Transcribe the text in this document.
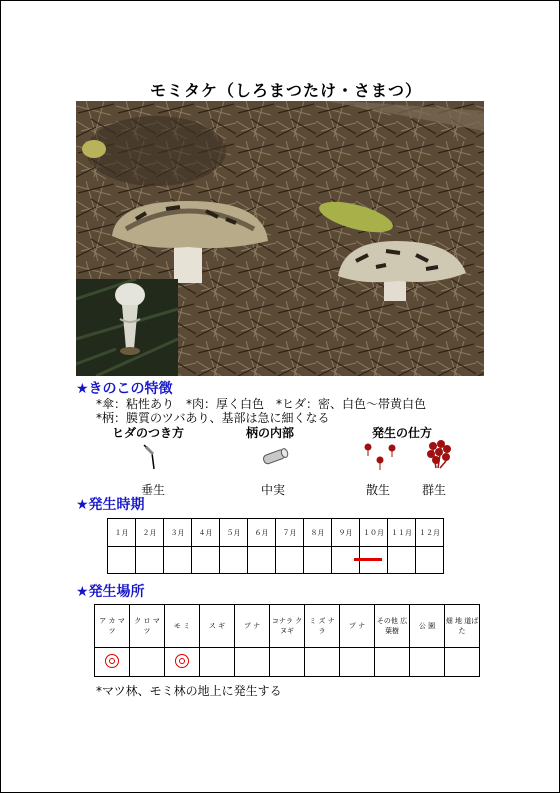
モミタケ（しろまつたけ・さまつ）
★きのこの特徴
*傘：粘性あり　*肉：厚く白色　*ヒダ：密、白色～帯黄白色
*柄：膜質のツバあり、基部は急に細くなる
ヒダのつき方	柄の内部	発生の仕方
垂生	中実	散生	群生
★発生時期
１月	２月	３月	４月	５月	６月	７月	８月	９月	１０月	１１月	１２月

★発生場所
ア カ マ ツ	ク ロ マ ツ	モ ミ	ス ギ	ブ ナ	コナラ クヌギ	ミ ズ ナ ラ	ブ ナ	その他 広葉樹	公 園	畑 地 道ばた

*マツ林、モミ林の地上に発生する
